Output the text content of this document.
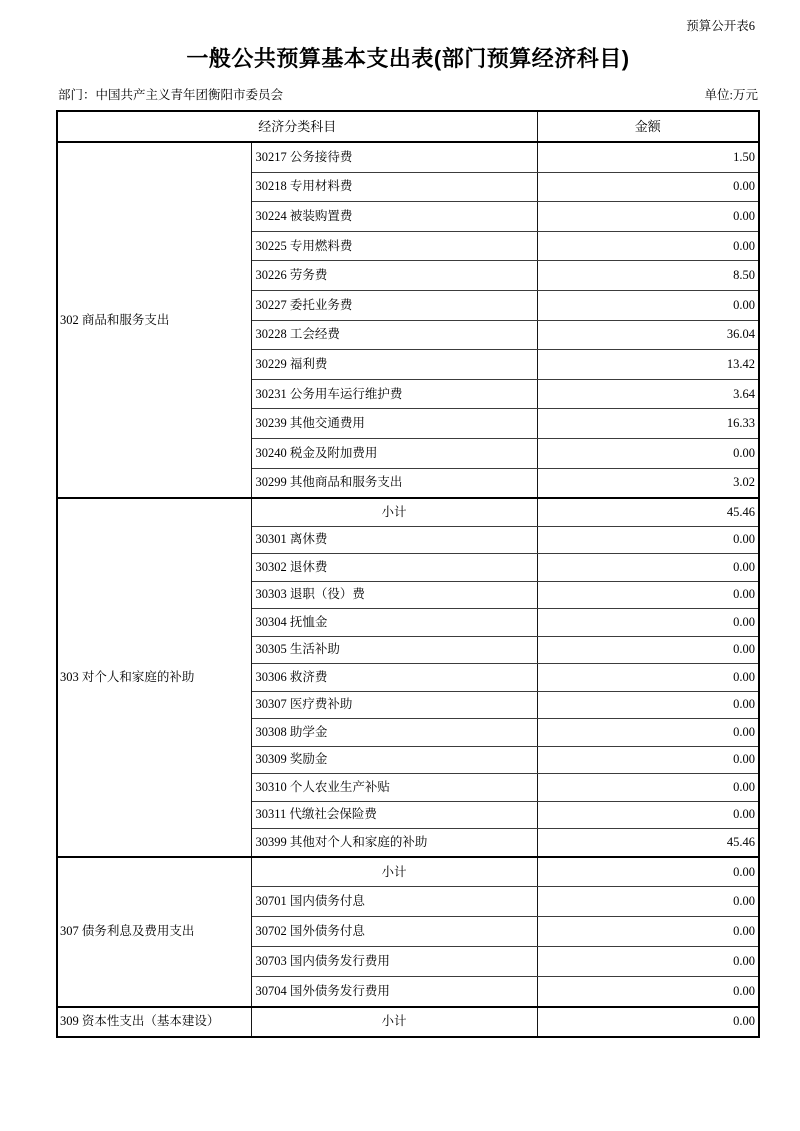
预算公开表6
一般公共预算基本支出表(部门预算经济科目)
部门：中国共产主义青年团衡阳市委员会	单位:万元
经济分类科目		金额
302 商品和服务支出	30217 公务接待费	1.50
	30218 专用材料费	0.00
	30224 被装购置费	0.00
	30225 专用燃料费	0.00
	30226 劳务费	8.50
	30227 委托业务费	0.00
	30228 工会经费	36.04
	30229 福利费	13.42
	30231 公务用车运行维护费	3.64
	30239 其他交通费用	16.33
	30240 税金及附加费用	0.00
	30299 其他商品和服务支出	3.02
303 对个人和家庭的补助	小计	45.46
	30301 离休费	0.00
	30302 退休费	0.00
	30303 退职（役）费	0.00
	30304 抚恤金	0.00
	30305 生活补助	0.00
	30306 救济费	0.00
	30307 医疗费补助	0.00
	30308 助学金	0.00
	30309 奖励金	0.00
	30310 个人农业生产补贴	0.00
	30311 代缴社会保险费	0.00
	30399 其他对个人和家庭的补助	45.46
307 债务利息及费用支出	小计	0.00
	30701 国内债务付息	0.00
	30702 国外债务付息	0.00
	30703 国内债务发行费用	0.00
	30704 国外债务发行费用	0.00
309 资本性支出（基本建设）	小计	0.00
